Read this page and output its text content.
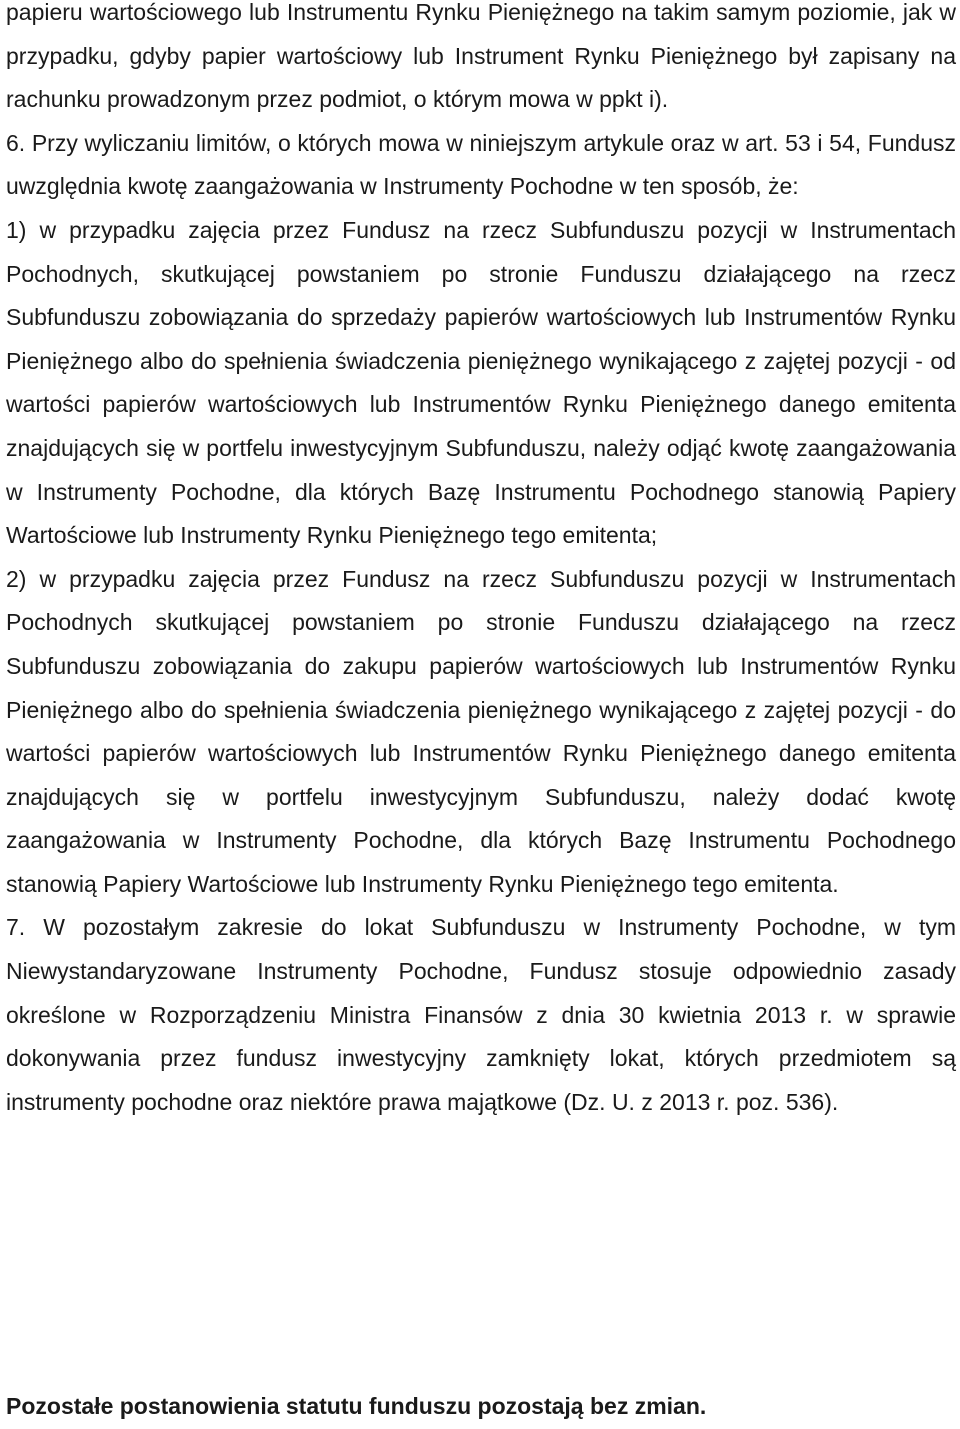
papieru wartościowego lub Instrumentu Rynku Pieniężnego na takim samym poziomie, jak w przypadku, gdyby papier wartościowy lub Instrument Rynku Pieniężnego był zapisany na rachunku prowadzonym przez podmiot, o którym mowa w ppkt i).

6. Przy wyliczaniu limitów, o których mowa w niniejszym artykule oraz w art. 53 i 54, Fundusz uwzględnia kwotę zaangażowania w Instrumenty Pochodne w ten sposób, że:

1) w przypadku zajęcia przez Fundusz na rzecz Subfunduszu pozycji w Instrumentach Pochodnych, skutkującej powstaniem po stronie Funduszu działającego na rzecz Subfunduszu zobowiązania do sprzedaży papierów wartościowych lub Instrumentów Rynku Pieniężnego albo do spełnienia świadczenia pieniężnego wynikającego z zajętej pozycji - od wartości papierów wartościowych lub Instrumentów Rynku Pieniężnego danego emitenta znajdujących się w portfelu inwestycyjnym Subfunduszu, należy odjąć kwotę zaangażowania w Instrumenty Pochodne, dla których Bazę Instrumentu Pochodnego stanowią Papiery Wartościowe lub Instrumenty Rynku Pieniężnego tego emitenta;

2) w przypadku zajęcia przez Fundusz na rzecz Subfunduszu pozycji w Instrumentach Pochodnych skutkującej powstaniem po stronie Funduszu działającego na rzecz Subfunduszu zobowiązania do zakupu papierów wartościowych lub Instrumentów Rynku Pieniężnego albo do spełnienia świadczenia pieniężnego wynikającego z zajętej pozycji - do wartości papierów wartościowych lub Instrumentów Rynku Pieniężnego danego emitenta znajdujących się w portfelu inwestycyjnym Subfunduszu, należy dodać kwotę zaangażowania w Instrumenty Pochodne, dla których Bazę Instrumentu Pochodnego stanowią Papiery Wartościowe lub Instrumenty Rynku Pieniężnego tego emitenta.

7. W pozostałym zakresie do lokat Subfunduszu w Instrumenty Pochodne, w tym Niewystandaryzowane Instrumenty Pochodne, Fundusz stosuje odpowiednio zasady określone w Rozporządzeniu Ministra Finansów z dnia 30 kwietnia 2013 r. w sprawie dokonywania przez fundusz inwestycyjny zamknięty lokat, których przedmiotem są instrumenty pochodne oraz niektóre prawa majątkowe (Dz. U. z 2013 r. poz. 536).

Pozostałe postanowienia statutu funduszu pozostają bez zmian.
